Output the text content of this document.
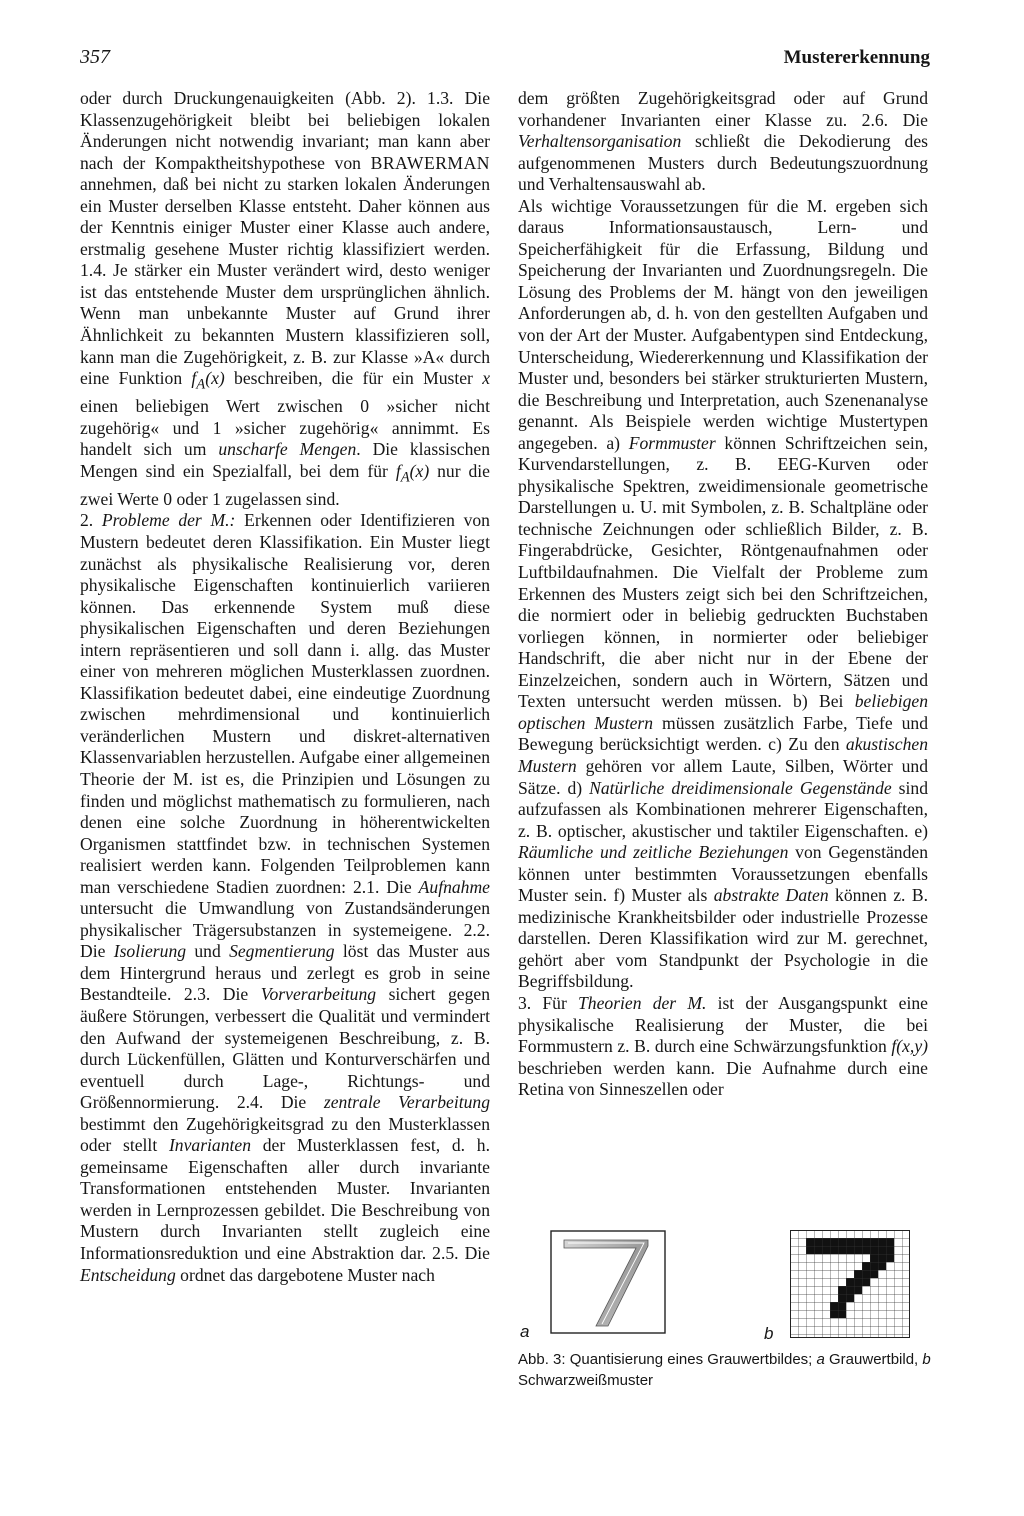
357	Mustererkennung

oder durch Druckungenauigkeiten (Abb. 2). 1.3. Die Klassenzugehörigkeit bleibt bei beliebigen lokalen Änderungen nicht notwendig invariant; man kann aber nach der Kompaktheitshypothese von BRAWERMAN annehmen, daß bei nicht zu starken lokalen Änderungen ein Muster derselben Klasse entsteht. Daher können aus der Kenntnis einiger Muster einer Klasse auch andere, erstmalig gesehene Muster richtig klassifiziert werden. 1.4. Je stärker ein Muster verändert wird, desto weniger ist das entstehende Muster dem ursprünglichen ähnlich. Wenn man unbekannte Muster auf Grund ihrer Ähnlichkeit zu bekannten Mustern klassifizieren soll, kann man die Zugehörigkeit, z. B. zur Klasse »A« durch eine Funktion $f_A(x)$ beschreiben, die für ein Muster x einen beliebigen Wert zwischen 0 »sicher nicht zugehörig« und 1 »sicher zugehörig« annimmt. Es handelt sich um unscharfe Mengen. Die klassischen Mengen sind ein Spezialfall, bei dem für $f_A(x)$ nur die zwei Werte 0 oder 1 zugelassen sind.

2. Probleme der M.: Erkennen oder Identifizieren von Mustern bedeutet deren Klassifikation. Ein Muster liegt zunächst als physikalische Realisierung vor, deren physikalische Eigenschaften kontinuierlich variieren können. Das erkennende System muß diese physikalischen Eigenschaften und deren Beziehungen intern repräsentieren und soll dann i. allg. das Muster einer von mehreren möglichen Musterklassen zuordnen. Klassifikation bedeutet dabei, eine eindeutige Zuordnung zwischen mehrdimensional und kontinuierlich veränderlichen Mustern und diskret-alternativen Klassenvariablen herzustellen. Aufgabe einer allgemeinen Theorie der M. ist es, die Prinzipien und Lösungen zu finden und möglichst mathematisch zu formulieren, nach denen eine solche Zuordnung in höherentwickelten Organismen stattfindet bzw. in technischen Systemen realisiert werden kann. Folgenden Teilproblemen kann man verschiedene Stadien zuordnen: 2.1. Die Aufnahme untersucht die Umwandlung von Zustandsänderungen physikalischer Trägersubstanzen in systemeigene. 2.2. Die Isolierung und Segmentierung löst das Muster aus dem Hintergrund heraus und zerlegt es grob in seine Bestandteile. 2.3. Die Vorverarbeitung sichert gegen äußere Störungen, verbessert die Qualität und vermindert den Aufwand der systemeigenen Beschreibung, z. B. durch Lückenfüllen, Glätten und Konturverschärfen und eventuell durch Lage-, Richtungs- und Größennormierung. 2.4. Die zentrale Verarbeitung bestimmt den Zugehörigkeitsgrad zu den Musterklassen oder stellt Invarianten der Musterklassen fest, d. h. gemeinsame Eigenschaften aller durch invariante Transformationen entstehenden Muster. Invarianten werden in Lernprozessen gebildet. Die Beschreibung von Mustern durch Invarianten stellt zugleich eine Informationsreduktion und eine Abstraktion dar. 2.5. Die Entscheidung ordnet das dargebotene Muster nach

dem größten Zugehörigkeitsgrad oder auf Grund vorhandener Invarianten einer Klasse zu. 2.6. Die Verhaltensorganisation schließt die Dekodierung des aufgenommenen Musters durch Bedeutungszuordnung und Verhaltensauswahl ab.

Als wichtige Voraussetzungen für die M. ergeben sich daraus Informationsaustausch, Lern- und Speicherfähigkeit für die Erfassung, Bildung und Speicherung der Invarianten und Zuordnungsregeln. Die Lösung des Problems der M. hängt von den jeweiligen Anforderungen ab, d. h. von den gestellten Aufgaben und von der Art der Muster. Aufgabentypen sind Entdeckung, Unterscheidung, Wiedererkennung und Klassifikation der Muster und, besonders bei stärker strukturierten Mustern, die Beschreibung und Interpretation, auch Szenenanalyse genannt. Als Beispiele werden wichtige Mustertypen angegeben. a) Formmuster können Schriftzeichen sein, Kurvendarstellungen, z. B. EEG-Kurven oder physikalische Spektren, zweidimensionale geometrische Darstellungen u. U. mit Symbolen, z. B. Schaltpläne oder technische Zeichnungen oder schließlich Bilder, z. B. Fingerabdrücke, Gesichter, Röntgenaufnahmen oder Luftbildaufnahmen. Die Vielfalt der Probleme zum Erkennen des Musters zeigt sich bei den Schriftzeichen, die normiert oder in beliebig gedruckten Buchstaben vorliegen können, in normierter oder beliebiger Handschrift, die aber nicht nur in der Ebene der Einzelzeichen, sondern auch in Wörtern, Sätzen und Texten untersucht werden müssen. b) Bei beliebigen optischen Mustern müssen zusätzlich Farbe, Tiefe und Bewegung berücksichtigt werden. c) Zu den akustischen Mustern gehören vor allem Laute, Silben, Wörter und Sätze. d) Natürliche dreidimensionale Gegenstände sind aufzufassen als Kombinationen mehrerer Eigenschaften, z. B. optischer, akustischer und taktiler Eigenschaften. e) Räumliche und zeitliche Beziehungen von Gegenständen können unter bestimmten Voraussetzungen ebenfalls Muster sein. f) Muster als abstrakte Daten können z. B. medizinische Krankheitsbilder oder industrielle Prozesse darstellen. Deren Klassifikation wird zur M. gerechnet, gehört aber vom Standpunkt der Psychologie in die Begriffsbildung.

3. Für Theorien der M. ist der Ausgangspunkt eine physikalische Realisierung der Muster, die bei Formmustern z. B. durch eine Schwärzungsfunktion f(x,y) beschrieben werden kann. Die Aufnahme durch eine Retina von Sinneszellen oder

a	b
Abb. 3: Quantisierung eines Grauwertbildes; a Grauwertbild, b Schwarzweißmuster
